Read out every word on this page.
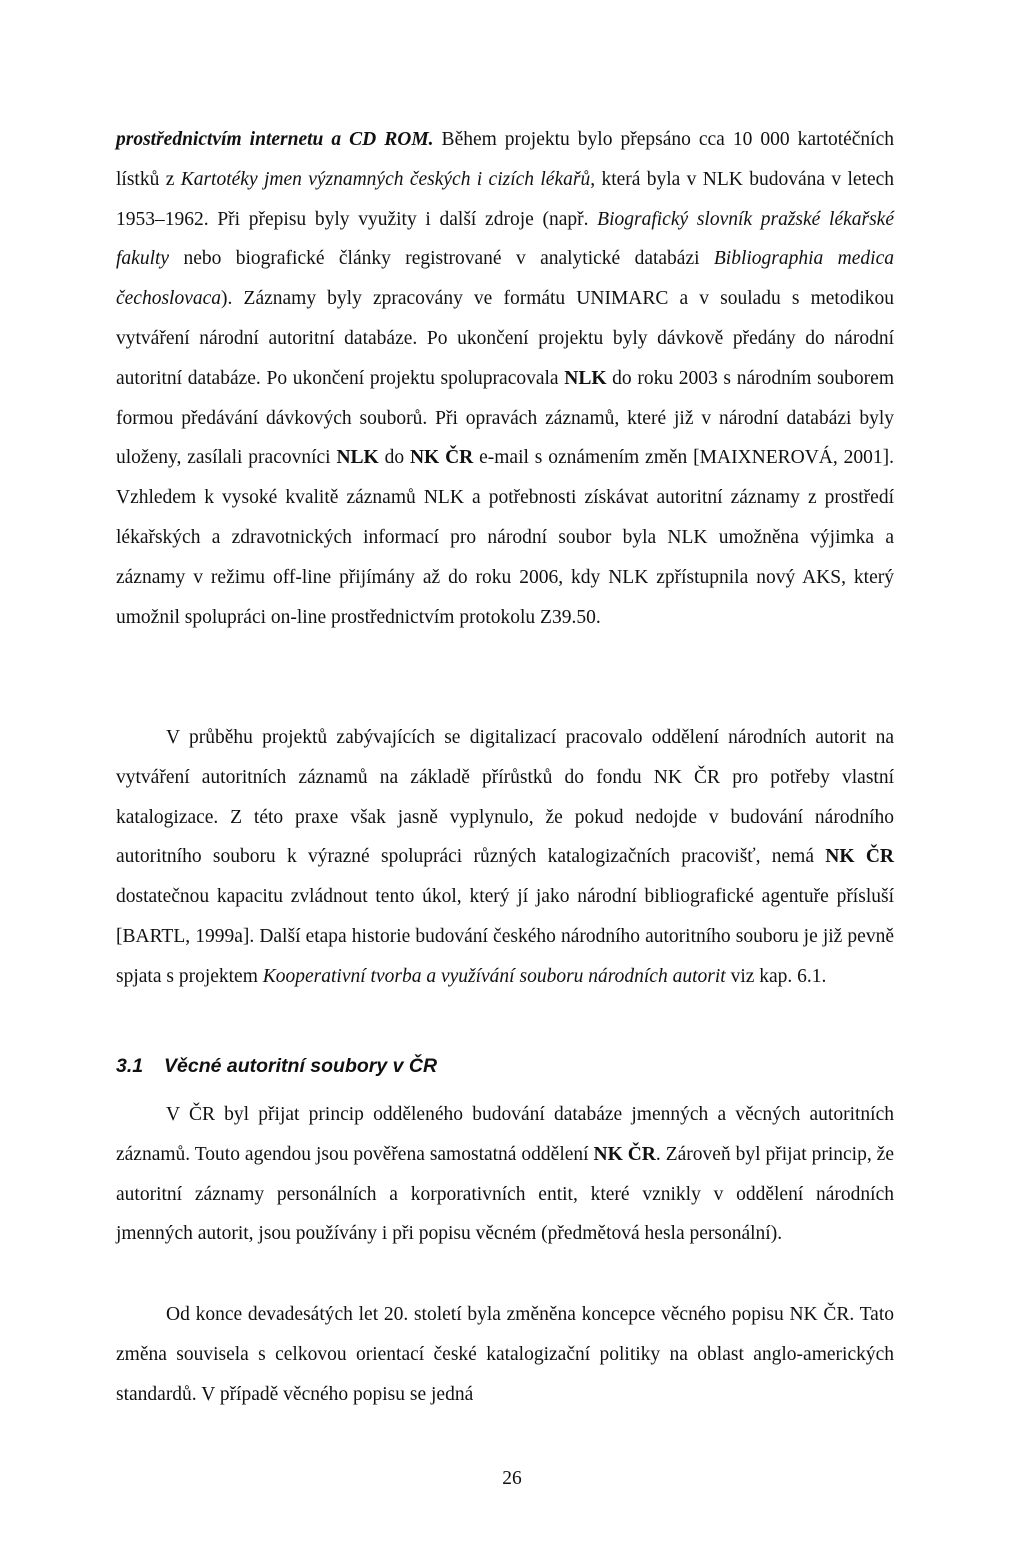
prostřednictvím internetu a CD ROM. Během projektu bylo přepsáno cca 10 000 kartotéčních lístků z Kartotéky jmen významných českých i cizích lékařů, která byla v NLK budována v letech 1953–1962. Při přepisu byly využity i další zdroje (např. Biografický slovník pražské lékařské fakulty nebo biografické články registrované v analytické databázi Bibliographia medica čechoslovaca). Záznamy byly zpracovány ve formátu UNIMARC a v souladu s metodikou vytváření národní autoritní databáze. Po ukončení projektu byly dávkově předány do národní autoritní databáze. Po ukončení projektu spolupracovala NLK do roku 2003 s národním souborem formou předávání dávkových souborů. Při opravách záznamů, které již v národní databázi byly uloženy, zasílali pracovníci NLK do NK ČR e-mail s oznámením změn [MAIXNEROVÁ, 2001]. Vzhledem k vysoké kvalitě záznamů NLK a potřebnosti získávat autoritní záznamy z prostředí lékařských a zdravotnických informací pro národní soubor byla NLK umožněna výjimka a záznamy v režimu off-line přijímány až do roku 2006, kdy NLK zpřístupnila nový AKS, který umožnil spolupráci on-line prostřednictvím protokolu Z39.50.

V průběhu projektů zabývajících se digitalizací pracovalo oddělení národních autorit na vytváření autoritních záznamů na základě přírůstků do fondu NK ČR pro potřeby vlastní katalogizace. Z této praxe však jasně vyplynulo, že pokud nedojde v budování národního autoritního souboru k výrazné spolupráci různých katalogizačních pracovišť, nemá NK ČR dostatečnou kapacitu zvládnout tento úkol, který jí jako národní bibliografické agentuře přísluší [BARTL, 1999a]. Další etapa historie budování českého národního autoritního souboru je již pevně spjata s projektem Kooperativní tvorba a využívání souboru národních autorit viz kap. 6.1.

3.1 Věcné autoritní soubory v ČR

V ČR byl přijat princip odděleného budování databáze jmenných a věcných autoritních záznamů. Touto agendou jsou pověřena samostatná oddělení NK ČR. Zároveň byl přijat princip, že autoritní záznamy personálních a korporativních entit, které vznikly v oddělení národních jmenných autorit, jsou používány i při popisu věcném (předmětová hesla personální).

Od konce devadesátých let 20. století byla změněna koncepce věcného popisu NK ČR. Tato změna souvisela s celkovou orientací české katalogizační politiky na oblast anglo-amerických standardů. V případě věcného popisu se jedná

26
